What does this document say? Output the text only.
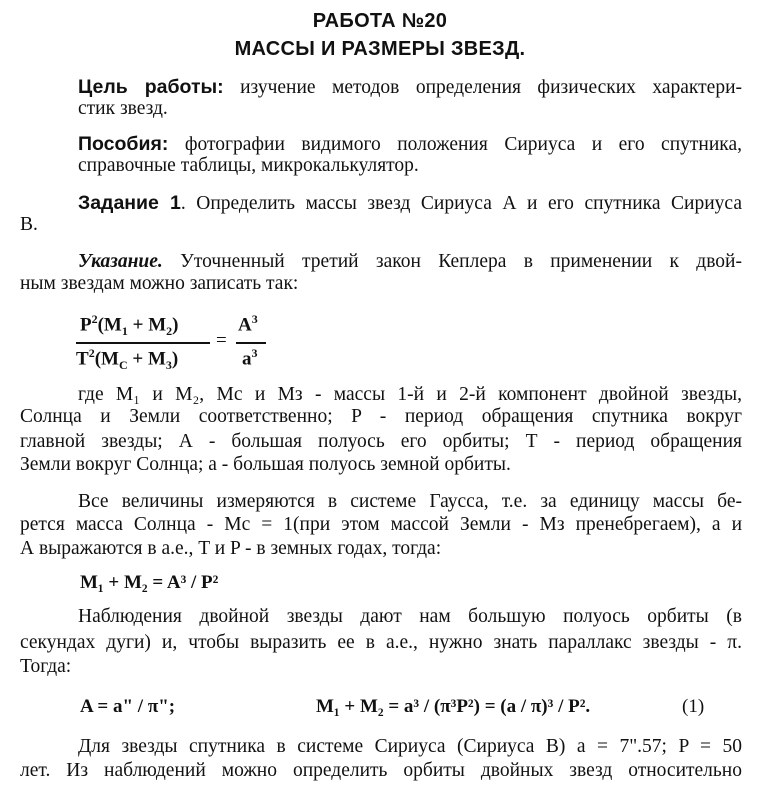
РАБОТА №20
МАССЫ И РАЗМЕРЫ ЗВЕЗД.
Цель работы: изучение методов определения физических характери-
стик звезд.
Пособия: фотографии видимого положения Сириуса и его спутника,
справочные таблицы, микрокалькулятор.
Задание 1. Определить массы звезд Сириуса А и его спутника Сириуса
В.
Указание. Уточненный третий закон Кеплера в применении к двой-
ным звездам можно записать так:
$P^2(M_1 + M_2)$
$T^2(M_C + M_3)$
=
$A^3$
$a^3$
где M₁ и M₂, Mс и Mз - массы 1-й и 2-й компонент двойной звезды,
Солнца и Земли соответственно; P - период обращения спутника вокруг
главной звезды; А - большая полуось его орбиты; Т - период обращения
Земли вокруг Солнца; а - большая полуось земной орбиты.
Все величины измеряются в системе Гаусса, т.е. за единицу массы бе-
рется масса Солнца - Mс = 1(при этом массой Земли - Mз пренебрегаем), а и
А выражаются в а.е., T и P - в земных годах, тогда:
M₁ + M₂ = A³ / P²
Наблюдения двойной звезды дают нам большую полуось орбиты (в
секундах дуги) и, чтобы выразить ее в а.е., нужно знать параллакс звезды - π.
Тогда:
A = a" / π";	M₁ + M₂ = a³ / (π³P²) = (a / π)³ / P².	(1)
Для звезды спутника в системе Сириуса (Сириуса В) a = 7".57; P = 50
лет. Из наблюдений можно определить орбиты двойных звезд относительно
